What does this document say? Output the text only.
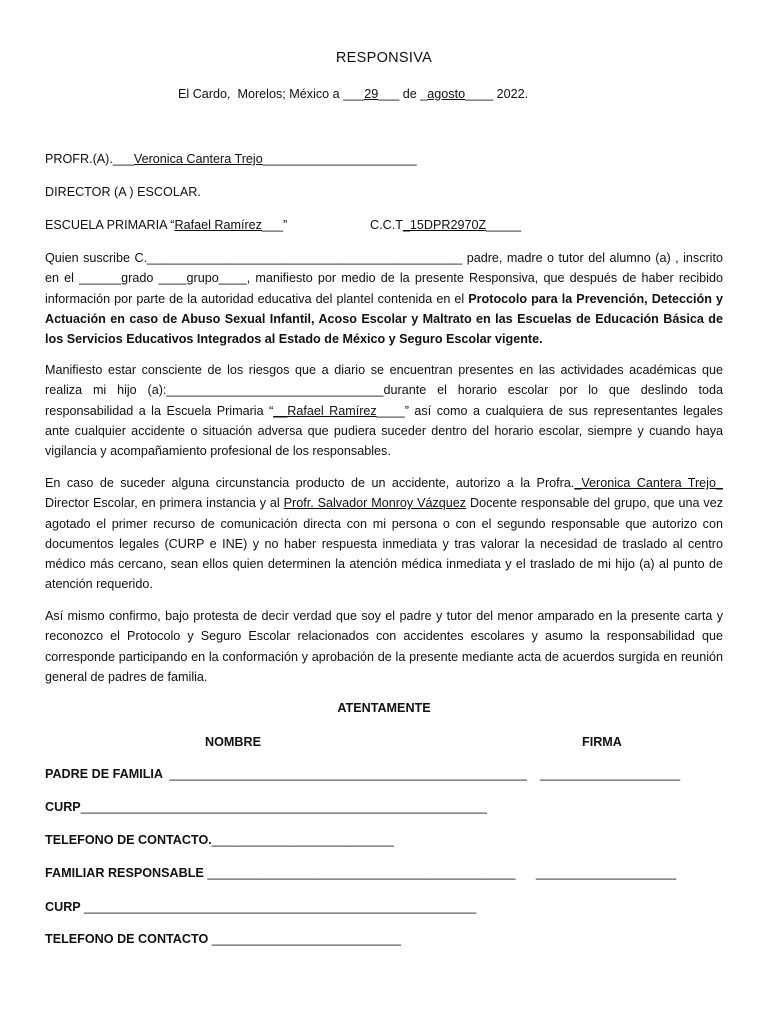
RESPONSIVA
El Cardo,  Morelos; México a ___29___ de _agosto____ 2022.
PROFR.(A).___Veronica Cantera Trejo______________________
DIRECTOR (A ) ESCOLAR.
ESCUELA PRIMARIA “Rafael Ramírez___”	C.C.T_15DPR2970Z_____
Quien suscribe C._____________________________________________ padre, madre o tutor del alumno (a) , inscrito en el ______grado ____grupo____, manifiesto por medio de la presente Responsiva, que después de haber recibido información por parte de la autoridad educativa del plantel contenida en el Protocolo para la Prevención, Detección y Actuación en caso de Abuso Sexual Infantil, Acoso Escolar y Maltrato en las Escuelas de Educación Básica de los Servicios Educativos Integrados al Estado de México y Seguro Escolar vigente.
Manifiesto estar consciente de los riesgos que a diario se encuentran presentes en las actividades académicas que realiza mi hijo (a):_______________________________durante el horario escolar por lo que deslindo toda responsabilidad a la Escuela Primaria “__Rafael Ramírez____” así como a cualquiera de sus representantes legales ante cualquier accidente o situación adversa que pudiera suceder dentro del horario escolar, siempre y cuando haya vigilancia y acompañamiento profesional de los responsables.
En caso de suceder alguna circunstancia producto de un accidente, autorizo a la Profra._Veronica Cantera Trejo_ Director Escolar, en primera instancia y al Profr. Salvador Monroy Vázquez Docente responsable del grupo, que una vez agotado el primer recurso de comunicación directa con mi persona o con el segundo responsable que autorizo con documentos legales (CURP e INE) y no haber respuesta inmediata y tras valorar la necesidad de traslado al centro médico más cercano, sean ellos quien determinen la atención médica inmediata y el traslado de mi hijo (a) al punto de atención requerido.
Así mismo confirmo, bajo protesta de decir verdad que soy el padre y tutor del menor amparado en la presente carta y reconozco el Protocolo y Seguro Escolar relacionados con accidentes escolares y asumo la responsabilidad que corresponde participando en la conformación y aprobación de la presente mediante acta de acuerdos surgida en reunión general de padres de familia.
ATENTAMENTE
NOMBRE	FIRMA
PADRE DE FAMILIA  ___________________________________________________ ____________________
CURP__________________________________________________________
TELEFONO DE CONTACTO.__________________________
FAMILIAR RESPONSABLE ____________________________________________ ____________________
CURP ________________________________________________________
TELEFONO DE CONTACTO ___________________________
